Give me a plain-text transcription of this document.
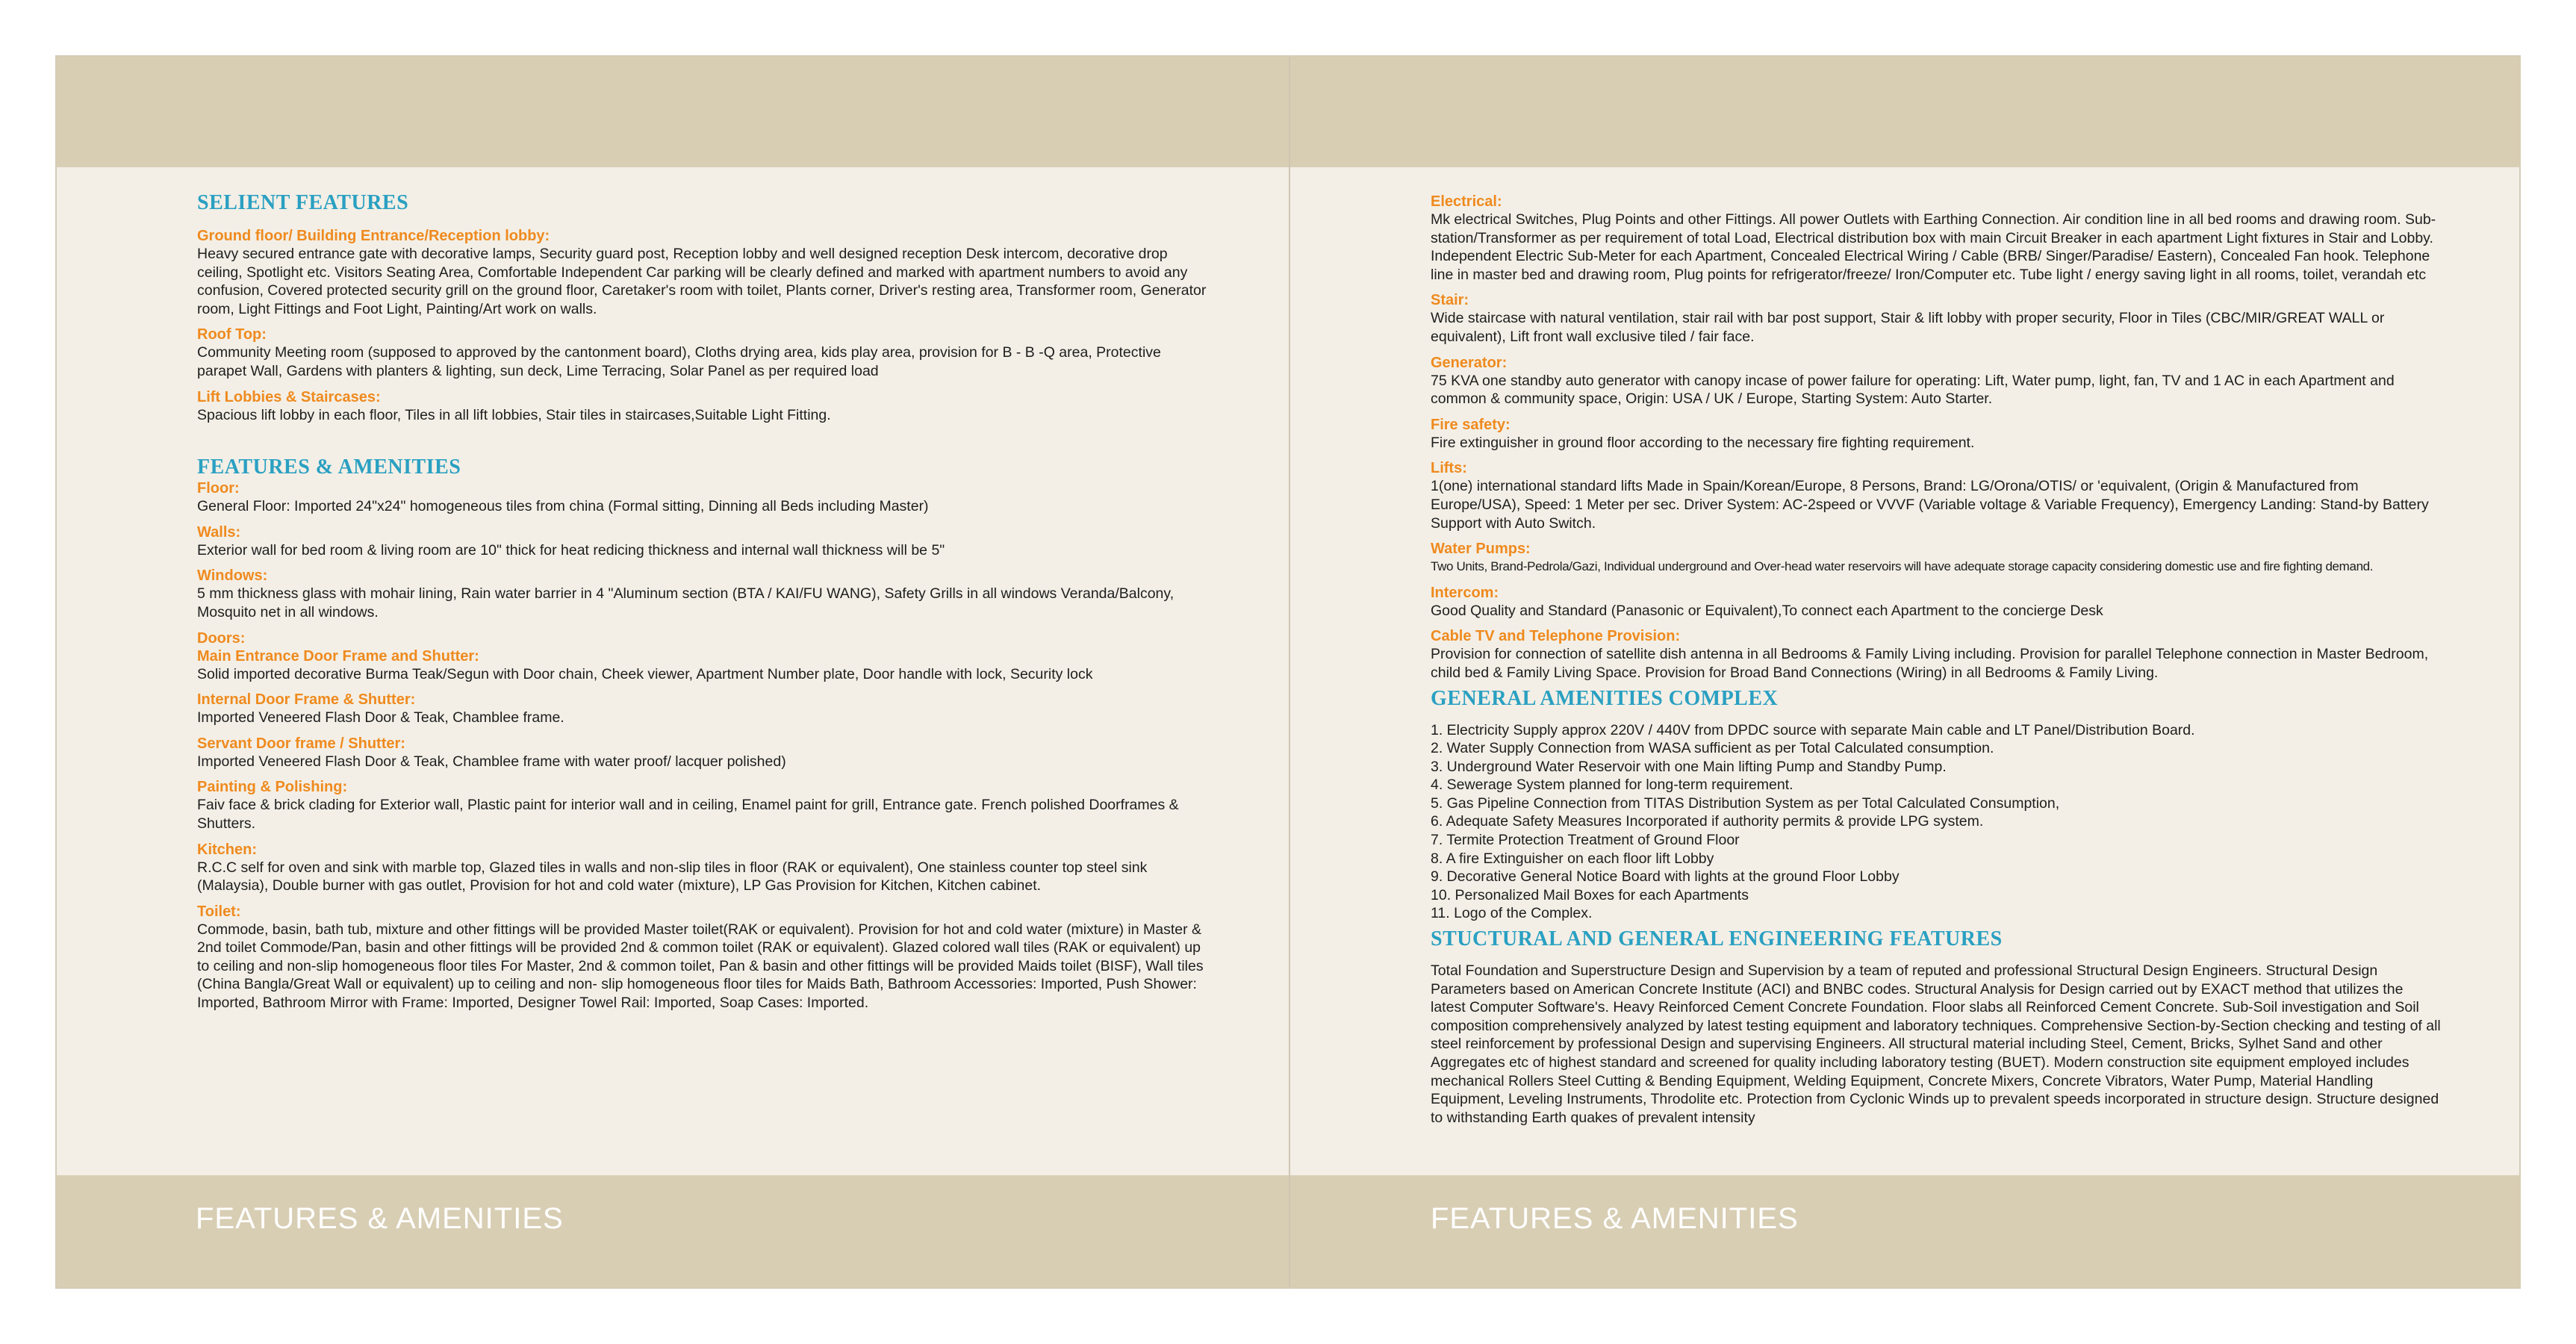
FEATURES & AMENITIES
SELIENT FEATURES

Ground floor/ Building Entrance/Reception lobby:

Heavy secured entrance gate with decorative lamps, Security guard post, Reception lobby and well designed reception Desk intercom, decorative drop ceiling, Spotlight etc. Visitors Seating Area, Comfortable Independent Car parking will be clearly defined and marked with apartment numbers to avoid any confusion, Covered protected security grill on the ground floor, Caretaker's room with toilet, Plants corner, Driver's resting area, Transformer room, Generator room, Light Fittings and Foot Light, Painting/Art work on walls.

Roof Top:

Community Meeting room (supposed to approved by the cantonment board), Cloths drying area, kids play area, provision for B - B -Q area, Protective parapet Wall, Gardens with planters & lighting, sun deck, Lime Terracing, Solar Panel as per required load

Lift Lobbies & Staircases:

Spacious lift lobby in each floor, Tiles in all lift lobbies, Stair tiles in staircases,Suitable Light Fitting.

FEATURES & AMENITIES

Floor:

General Floor: Imported 24"x24" homogeneous tiles from china (Formal sitting, Dinning all Beds including Master)

Walls:

Exterior wall for bed room & living room are 10" thick for heat redicing thickness and internal wall thickness will be 5"

Windows:

5 mm thickness glass with mohair lining, Rain water barrier in 4 "Aluminum section (BTA / KAI/FU WANG), Safety Grills in all windows Veranda/Balcony, Mosquito net in all windows.

Doors:

Main Entrance Door Frame and Shutter:

Solid imported decorative Burma Teak/Segun with Door chain, Cheek viewer, Apartment Number plate, Door handle with lock, Security lock

Internal Door Frame & Shutter:

Imported Veneered Flash Door & Teak, Chamblee frame.

Servant Door frame / Shutter:

Imported Veneered Flash Door & Teak, Chamblee frame with water proof/ lacquer polished)

Painting & Polishing:

Faiv face & brick clading for Exterior wall, Plastic paint for interior wall and in ceiling, Enamel paint for grill, Entrance gate. French polished Doorframes & Shutters.

Kitchen:

R.C.C self for oven and sink with marble top, Glazed tiles in walls and non-slip tiles in floor (RAK or equivalent), One stainless counter top steel sink (Malaysia), Double burner with gas outlet, Provision for hot and cold water (mixture), LP Gas Provision for Kitchen, Kitchen cabinet.

Toilet:

Commode, basin, bath tub, mixture and other fittings will be provided Master toilet(RAK or equivalent). Provision for hot and cold water (mixture) in Master & 2nd toilet Commode/Pan, basin and other fittings will be provided 2nd & common toilet (RAK or equivalent). Glazed colored wall tiles (RAK or equivalent) up to ceiling and non-slip homogeneous floor tiles For Master, 2nd & common toilet, Pan & basin and other fittings will be provided Maids toilet (BISF), Wall tiles (China Bangla/Great Wall or equivalent) up to ceiling and non- slip homogeneous floor tiles for Maids Bath, Bathroom Accessories: Imported, Push Shower: Imported, Bathroom Mirror with Frame: Imported, Designer Towel Rail: Imported, Soap Cases: Imported.

FEATURES & AMENITIES

Electrical:

Mk electrical Switches, Plug Points and other Fittings. All power Outlets with Earthing Connection. Air condition line in all bed rooms and drawing room. Sub-station/Transformer as per requirement of total Load, Electrical distribution box with main Circuit Breaker in each apartment Light fixtures in Stair and Lobby. Independent Electric Sub-Meter for each Apartment, Concealed Electrical Wiring / Cable (BRB/ Singer/Paradise/ Eastern), Concealed Fan hook. Telephone line in master bed and drawing room, Plug points for refrigerator/freeze/ Iron/Computer etc. Tube light / energy saving light in all rooms, toilet, verandah etc

Stair:

Wide staircase with natural ventilation, stair rail with bar post support, Stair & lift lobby with proper security, Floor in Tiles (CBC/MIR/GREAT WALL or equivalent), Lift front wall exclusive tiled / fair face.

Generator:

75 KVA one standby auto generator with canopy incase of power failure for operating: Lift, Water pump, light, fan, TV and 1 AC in each Apartment and common & community space, Origin: USA / UK / Europe, Starting System: Auto Starter.

Fire safety:

Fire extinguisher in ground floor according to the necessary fire fighting requirement.

Lifts:

1(one) international standard lifts Made in Spain/Korean/Europe, 8 Persons, Brand: LG/Orona/OTIS/ or 'equivalent, (Origin & Manufactured from Europe/USA), Speed: 1 Meter per sec. Driver System: AC-2speed or VVVF (Variable voltage & Variable Frequency), Emergency Landing: Stand-by Battery Support with Auto Switch.

Water Pumps:

Two Units, Brand-Pedrola/Gazi, Individual underground and Over-head water reservoirs will have adequate storage capacity considering domestic use and fire fighting demand.

Intercom:

Good Quality and Standard (Panasonic or Equivalent),To connect each Apartment to the concierge Desk

Cable TV and Telephone Provision:

Provision for connection of satellite dish antenna in all Bedrooms & Family Living including. Provision for parallel Telephone connection in Master Bedroom, child bed & Family Living Space. Provision for Broad Band Connections (Wiring) in all Bedrooms & Family Living.

GENERAL AMENITIES COMPLEX
1. Electricity Supply approx 220V / 440V from DPDC source with separate Main cable and LT Panel/Distribution Board.
2. Water Supply Connection from WASA sufficient as per Total Calculated consumption.
3. Underground Water Reservoir with one Main lifting Pump and Standby Pump.
4. Sewerage System planned for long-term requirement.
5. Gas Pipeline Connection from TITAS Distribution System as per Total Calculated Consumption,
6. Adequate Safety Measures Incorporated if authority permits & provide LPG system.
7. Termite Protection Treatment of Ground Floor
8. A fire Extinguisher on each floor lift Lobby
9. Decorative General Notice Board with lights at the ground Floor Lobby
10. Personalized Mail Boxes for each Apartments
11. Logo of the Complex.
STUCTURAL AND GENERAL ENGINEERING FEATURES

Total Foundation and Superstructure Design and Supervision by a team of reputed and professional Structural Design Engineers. Structural Design Parameters based on American Concrete Institute (ACI) and BNBC codes. Structural Analysis for Design carried out by EXACT method that utilizes the latest Computer Software's. Heavy Reinforced Cement Concrete Foundation. Floor slabs all Reinforced Cement Concrete. Sub-Soil investigation and Soil composition comprehensively analyzed by latest testing equipment and laboratory techniques. Comprehensive Section-by-Section checking and testing of all steel reinforcement by professional Design and supervising Engineers. All structural material including Steel, Cement, Bricks, Sylhet Sand and other Aggregates etc of highest standard and screened for quality including laboratory testing (BUET). Modern construction site equipment employed includes mechanical Rollers Steel Cutting & Bending Equipment, Welding Equipment, Concrete Mixers, Concrete Vibrators, Water Pump, Material Handling Equipment, Leveling Instruments, Throdolite etc. Protection from Cyclonic Winds up to prevalent speeds incorporated in structure design. Structure designed to withstanding Earth quakes of prevalent intensity
